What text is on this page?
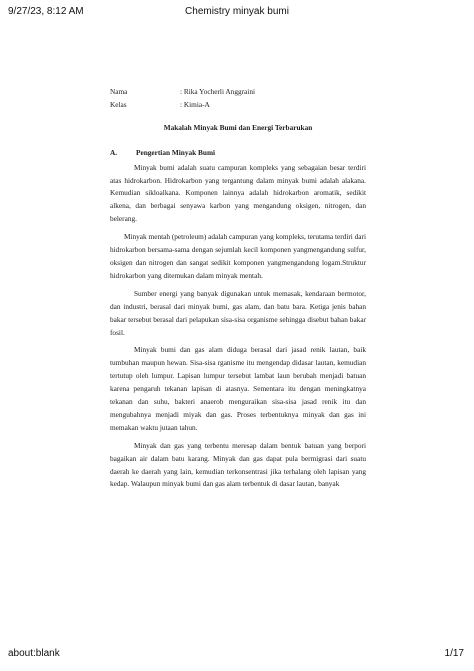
9/27/23, 8:12 AM	Chemistry minyak bumi
Nama	: Rika Yocherli Anggraini
Kelas	: Kimia-A
Makalah Minyak Bumi dan Energi Terbarukan
A.	Pengertian Minyak Bumi

Minyak bumi adalah suatu campuran kompleks yang sebagaian besar terdiri atas hidrokarbon. Hidrokarbon yang tergantung dalam minyak bumi adalah alakana. Kemudian sikloalkana. Komponen lainnya adalah hidrokarbon aromatik, sedikit alkena, dan berbagai senyawa karbon yang mengandung oksigen, nitrogen, dan belerang.

Minyak mentah (petroleum) adalah campuran yang kompleks, terutama terdiri dari hidrokarbon bersama-sama dengan sejumlah kecil komponen yangmengandung sulfur, oksigen dan nitrogen dan sangat sedikit komponen yangmengandung logam.Struktur hidrokarbon yang ditemukan dalam minyak mentah.

Sumber energi yang banyak digunakan untuk memasak, kendaraan bermotor, dan industri, berasal dari minyak bumi, gas alam, dan batu bara. Ketiga jenis bahan bakar tersebut berasal dari pelapukan sisa-sisa organisme sehingga disebut bahan bakar fosil.

Minyak bumi dan gas alam diduga berasal dari jasad renik lautan, baik tumbuhan maupun hewan. Sisa-sisa rganisme itu mengendap didasar lautan, kemudian tertutup oleh lumpur. Lapisan lumpur tersebut lambat laun berubah menjadi batuan karena pengaruh tekanan lapisan di atasnya. Sementara itu dengan meningkatnya tekanan dan suhu, bakteri anaerob menguraikan sisa-sisa jasad renik itu dan mengubahnya menjadi miyak dan gas. Proses terbentuknya minyak dan gas ini memakan waktu jutaan tahun.

Minyak dan gas yang terbentu meresap dalam bentuk batuan yang berpori bagaikan air dalam batu karang. Minyak dan gas dapat pula bermigrasi dari suatu daerah ke daerah yang lain, kemudian terkonsentrasi jika terhalang oleh lapisan yang kedap. Walaupun minyak bumi dan gas alam terbentuk di dasar lautan, banyak

about:blank	1/17
